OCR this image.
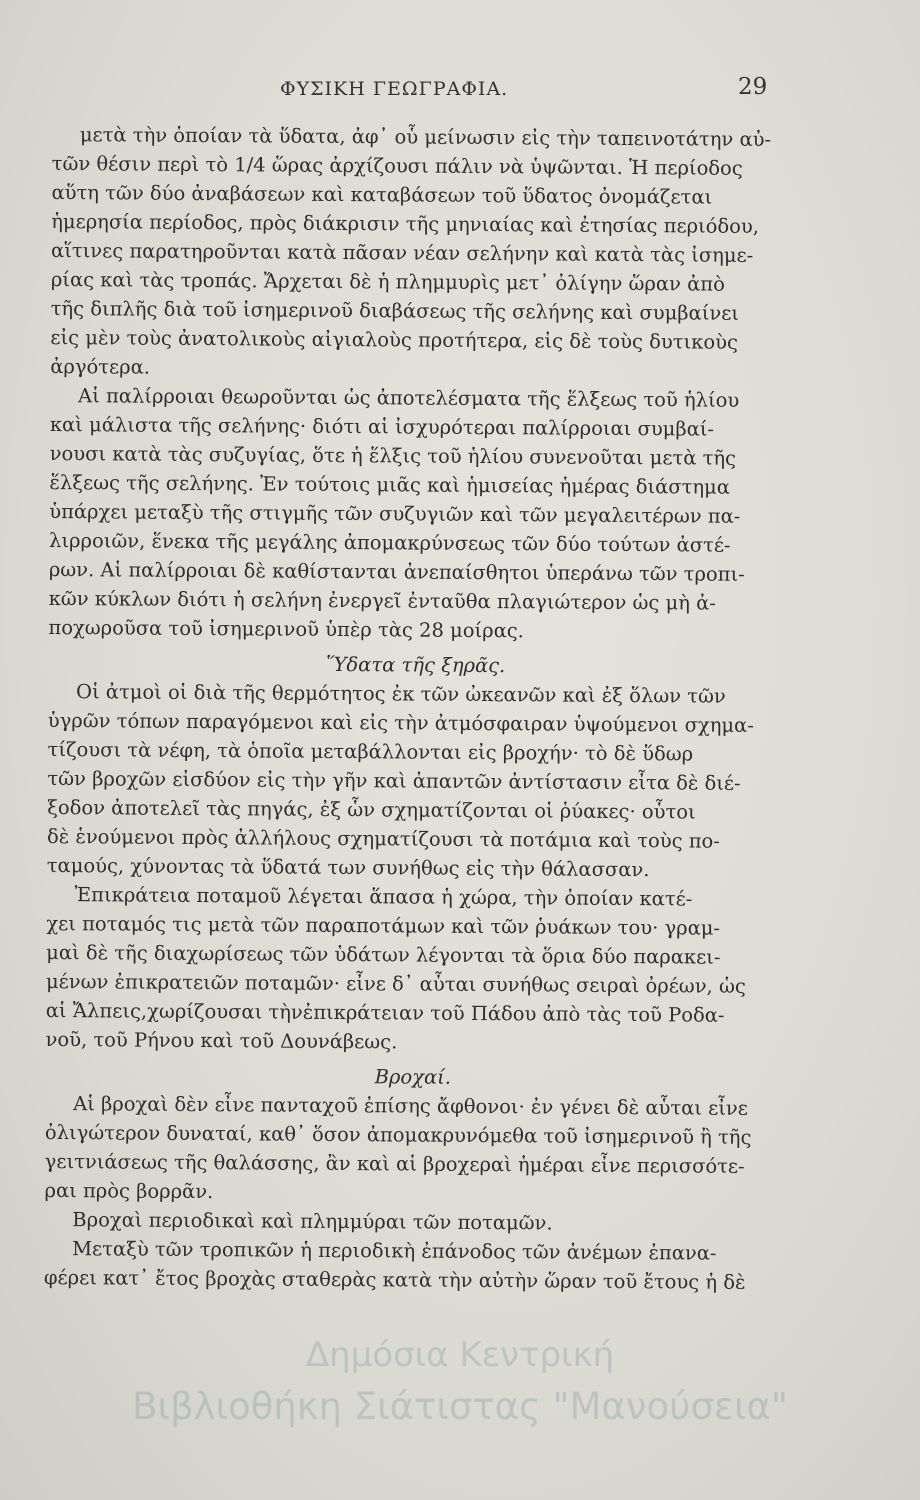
ΦΥΣΙΚΗ ΓΕΩΓΡΑΦΙΑ.	29
μετὰ τὴν ὁποίαν τὰ ὕδατα, ἀφ᾽ οὗ μείνωσιν εἰς τὴν ταπεινοτάτην αὐ-
τῶν θέσιν περὶ τὸ 1/4 ὥρας ἀρχίζουσι πάλιν νὰ ὑψῶνται. Ἡ περίοδος
αὕτη τῶν δύο ἀναβάσεων καὶ καταβάσεων τοῦ ὕδατος ὀνομάζεται
ἡμερησία περίοδος, πρὸς διάκρισιν τῆς μηνιαίας καὶ ἐτησίας περιόδου,
αἵτινες παρατηροῦνται κατὰ πᾶσαν νέαν σελήνην καὶ κατὰ τὰς ἰσημε-
ρίας καὶ τὰς τροπάς. Ἄρχεται δὲ ἡ πλημμυρὶς μετ᾽ ὀλίγην ὥραν ἀπὸ
τῆς διπλῆς διὰ τοῦ ἰσημερινοῦ διαβάσεως τῆς σελήνης καὶ συμβαίνει
εἰς μὲν τοὺς ἀνατολικοὺς αἰγιαλοὺς προτήτερα, εἰς δὲ τοὺς δυτικοὺς
ἀργότερα.
Αἱ παλίρροιαι θεωροῦνται ὡς ἀποτελέσματα τῆς ἕλξεως τοῦ ἡλίου
καὶ μάλιστα τῆς σελήνης· διότι αἱ ἰσχυρότεραι παλίρροιαι συμβαί-
νουσι κατὰ τὰς συζυγίας, ὅτε ἡ ἕλξις τοῦ ἡλίου συνενοῦται μετὰ τῆς
ἕλξεως τῆς σελήνης. Ἐν τούτοις μιᾶς καὶ ἡμισείας ἡμέρας διάστημα
ὑπάρχει μεταξὺ τῆς στιγμῆς τῶν συζυγιῶν καὶ τῶν μεγαλειτέρων πα-
λιρροιῶν, ἕνεκα τῆς μεγάλης ἀπομακρύνσεως τῶν δύο τούτων ἀστέ-
ρων. Αἱ παλίρροιαι δὲ καθίστανται ἀνεπαίσθητοι ὑπεράνω τῶν τροπι-
κῶν κύκλων διότι ἡ σελήνη ἐνεργεῖ ἐνταῦθα πλαγιώτερον ὡς μὴ ἀ-
ποχωροῦσα τοῦ ἰσημερινοῦ ὑπὲρ τὰς 28 μοίρας.
Ὕδατα τῆς ξηρᾶς.
Οἱ ἀτμοὶ οἱ διὰ τῆς θερμότητος ἐκ τῶν ὠκεανῶν καὶ ἐξ ὅλων τῶν
ὑγρῶν τόπων παραγόμενοι καὶ εἰς τὴν ἀτμόσφαιραν ὑψούμενοι σχημα-
τίζουσι τὰ νέφη, τὰ ὁποῖα μεταβάλλονται εἰς βροχήν· τὸ δὲ ὕδωρ
τῶν βροχῶν εἰσδύον εἰς τὴν γῆν καὶ ἀπαντῶν ἀντίστασιν εἶτα δὲ διέ-
ξοδον ἀποτελεῖ τὰς πηγάς, ἐξ ὧν σχηματίζονται οἱ ῥύακες· οὗτοι
δὲ ἑνούμενοι πρὸς ἀλλήλους σχηματίζουσι τὰ ποτάμια καὶ τοὺς πο-
ταμούς, χύνοντας τὰ ὕδατά των συνήθως εἰς τὴν θάλασσαν.
Ἐπικράτεια ποταμοῦ λέγεται ἅπασα ἡ χώρα, τὴν ὁποίαν κατέ-
χει ποταμός τις μετὰ τῶν παραποτάμων καὶ τῶν ῥυάκων του· γραμ-
μαὶ δὲ τῆς διαχωρίσεως τῶν ὑδάτων λέγονται τὰ ὅρια δύο παρακει-
μένων ἐπικρατειῶν ποταμῶν· εἶνε δ᾽ αὗται συνήθως σειραὶ ὀρέων, ὡς
αἱ Ἄλπεις,χωρίζουσαι τὴνἐπικράτειαν τοῦ Πάδου ἀπὸ τὰς τοῦ Ροδα-
νοῦ, τοῦ Ρήνου καὶ τοῦ Δουνάβεως.
Βροχαί.
Αἱ βροχαὶ δὲν εἶνε πανταχοῦ ἐπίσης ἄφθονοι· ἐν γένει δὲ αὗται εἶνε
ὀλιγώτερον δυναταί, καθ᾽ ὅσον ἀπομακρυνόμεθα τοῦ ἰσημερινοῦ ἢ τῆς
γειτνιάσεως τῆς θαλάσσης, ἂν καὶ αἱ βροχεραὶ ἡμέραι εἶνε περισσότε-
ραι πρὸς βορρᾶν.
Βροχαὶ περιοδικαὶ καὶ πλημμύραι τῶν ποταμῶν.
Μεταξὺ τῶν τροπικῶν ἡ περιοδικὴ ἐπάνοδος τῶν ἀνέμων ἐπανα-
φέρει κατ᾽ ἔτος βροχὰς σταθερὰς κατὰ τὴν αὐτὴν ὥραν τοῦ ἔτους ἡ δὲ
Δημόσια Κεντρική
Βιβλιοθήκη Σιάτιστας "Μανούσεια"
